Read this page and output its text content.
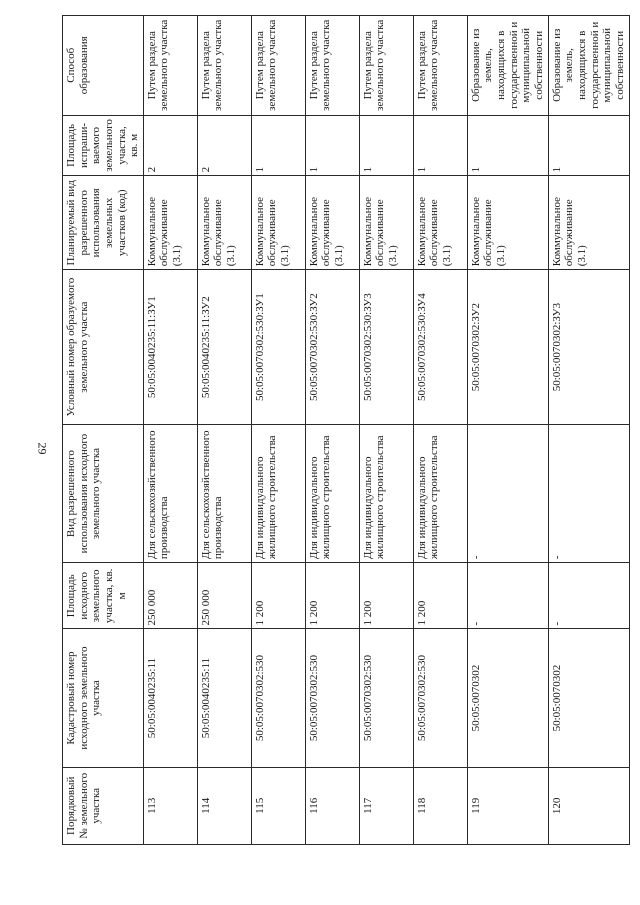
29
Порядковый № земельного участка	Кадастровый номер исходного земельного участка	Площадь исходного земельного участка, кв. м	Вид разрешенного использования исходного земельного участка	Условный номер образуемого земельного участка	Планируемый вид разрешенного использования земельных участков (код)	Площадь испраши-ваемого земельного участка, кв. м	Способ образования
113	50:05:0040235:11	250 000	Для сельскохозяйственного производства	50:05:0040235:11:ЗУ1	Коммунальное обслуживание (3.1)	2	Путем раздела земельного участка
114	50:05:0040235:11	250 000	Для сельскохозяйственного производства	50:05:0040235:11:ЗУ2	Коммунальное обслуживание (3.1)	2	Путем раздела земельного участка
115	50:05:0070302:530	1 200	Для индивидуального жилищного строительства	50:05:0070302:530:ЗУ1	Коммунальное обслуживание (3.1)	1	Путем раздела земельного участка
116	50:05:0070302:530	1 200	Для индивидуального жилищного строительства	50:05:0070302:530:ЗУ2	Коммунальное обслуживание (3.1)	1	Путем раздела земельного участка
117	50:05:0070302:530	1 200	Для индивидуального жилищного строительства	50:05:0070302:530:ЗУ3	Коммунальное обслуживание (3.1)	1	Путем раздела земельного участка
118	50:05:0070302:530	1 200	Для индивидуального жилищного строительства	50:05:0070302:530:ЗУ4	Коммунальное обслуживание (3.1)	1	Путем раздела земельного участка
119	50:05:0070302	-	-	50:05:0070302:ЗУ2	Коммунальное обслуживание (3.1)	1	Образование из земель, находящихся в государственной и муниципальной собственности
120	50:05:0070302	-	-	50:05:0070302:ЗУ3	Коммунальное обслуживание (3.1)	1	Образование из земель, находящихся в государственной и муниципальной собственности
